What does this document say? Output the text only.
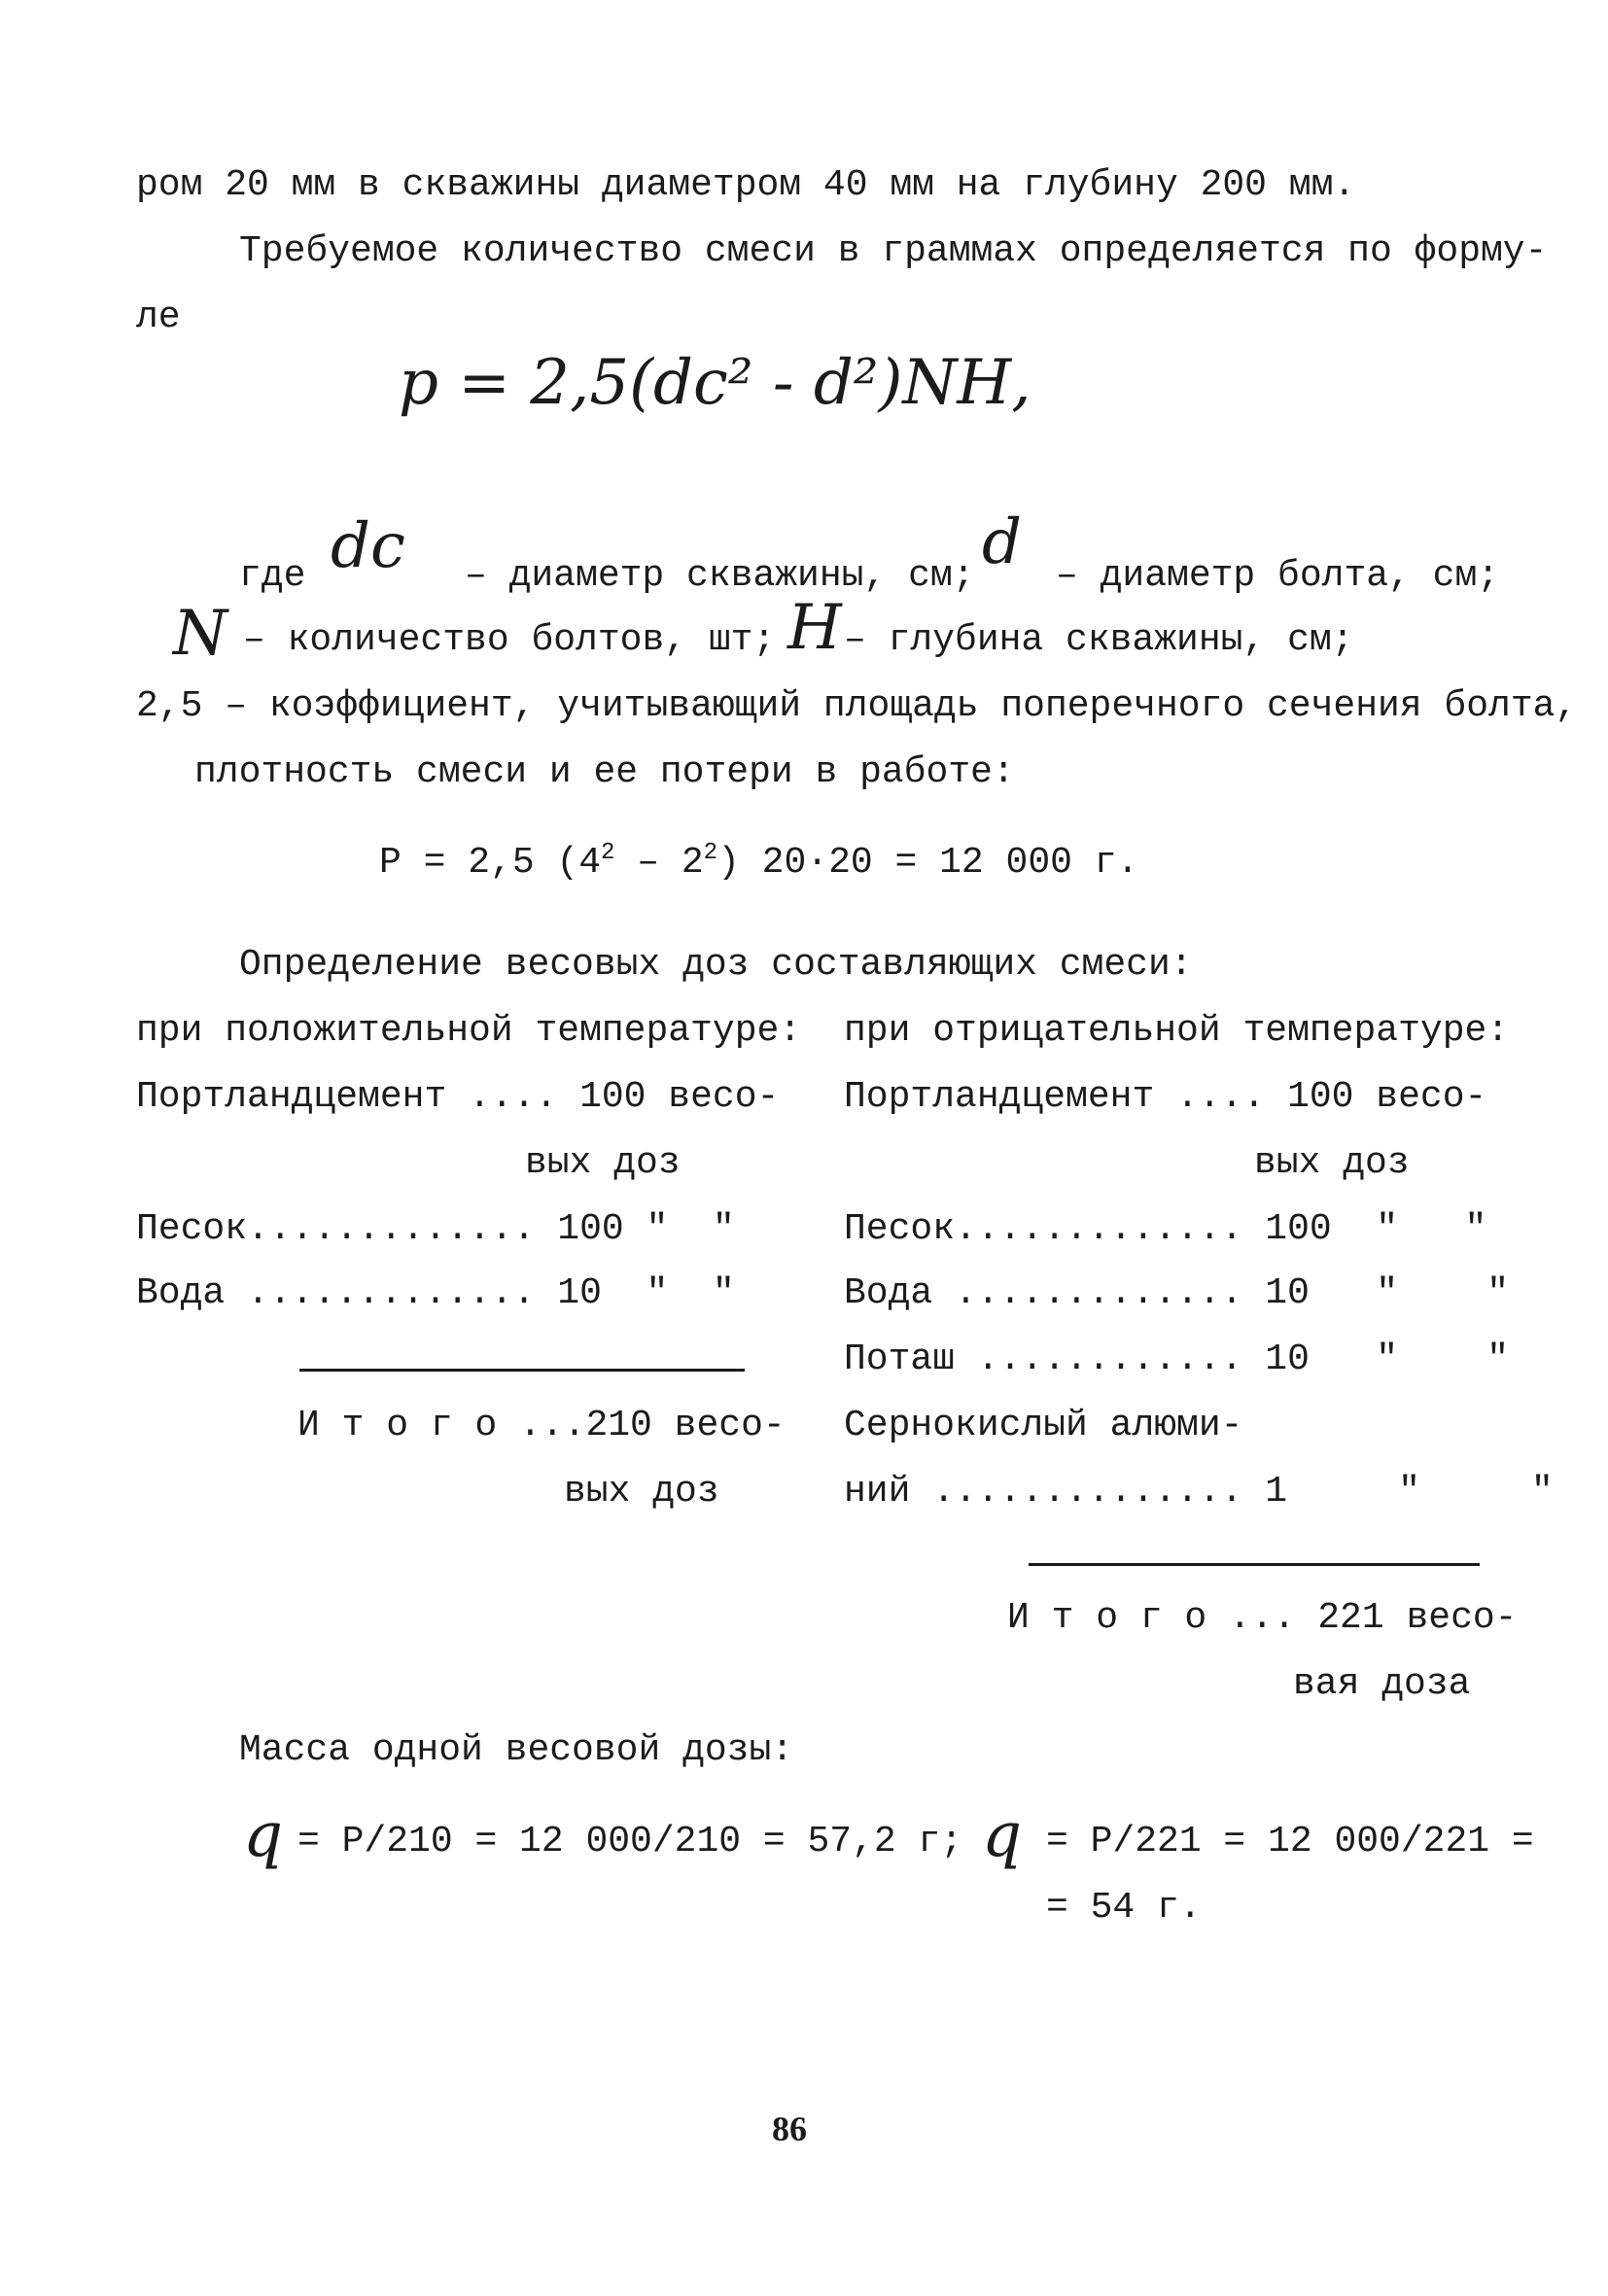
ром 20 мм в скважины диаметром 40 мм на глубину 200 мм.
Требуемое количество смеси в граммах определяется по форму-
ле
p = 2,5(dc² - d²)NH,
где dc – диаметр скважины, см; d – диаметр болта, см;
N – количество болтов, шт; H – глубина скважины, см;
2,5 – коэффициент, учитывающий площадь поперечного сечения болта,
плотность смеси и ее потери в работе:
P = 2,5 $(4^2 - 2^2) 20\cdot 20 = 12$ 000 г.
Определение весовых доз составляющих смеси:
при положительной температуре:
Портландцемент .... 100 весо-
вых доз
Песок............. 100 "  "
Вода ............. 10  "  "
И т о г о ...210 весо-
вых доз
при отрицательной температуре:
Портландцемент .... 100 весо-
вых доз
Песок............. 100  "   "
Вода ............. 10   "    "
Поташ ............ 10   "    "
Сернокислый алюми-
ний .............. 1     "     "
И т о г о ... 221 весо-
вая доза
Масса одной весовой дозы:
q = P/210 = 12 000/210 = 57,2 г; q = P/221 = 12 000/221 =
= 54 г.
86
